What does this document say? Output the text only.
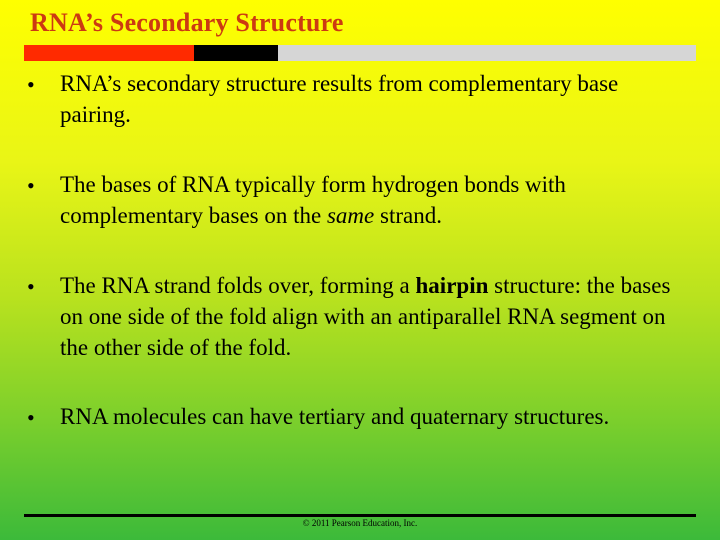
RNA’s Secondary Structure
• RNA’s secondary structure results from complementary base pairing.
• The bases of RNA typically form hydrogen bonds with complementary bases on the same strand.
• The RNA strand folds over, forming a hairpin structure: the bases on one side of the fold align with an antiparallel RNA segment on the other side of the fold.
• RNA molecules can have tertiary and quaternary structures.
© 2011 Pearson Education, Inc.
